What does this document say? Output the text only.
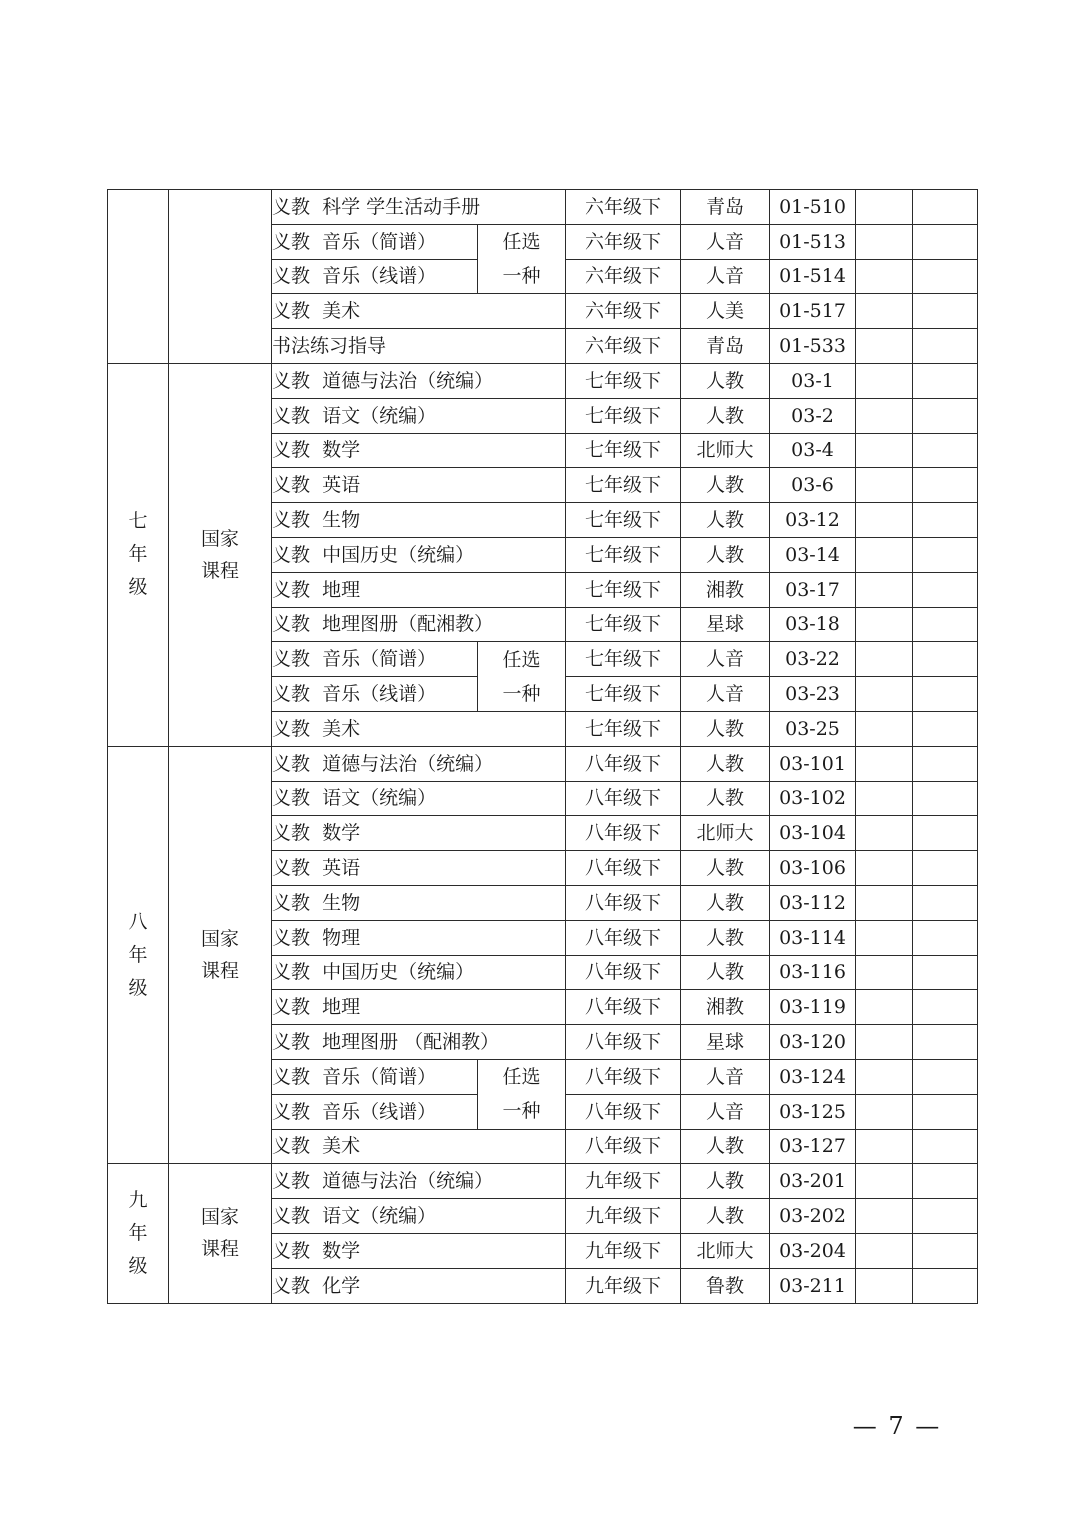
		义教  科学 学生活动手册		六年级下	青岛	01-510		
		义教  音乐（简谱）	任选一种	六年级下	人音	01-513		
		义教  音乐（线谱）		六年级下	人音	01-514		
		义教  美术		六年级下	人美	01-517		
		书法练习指导		六年级下	青岛	01-533		
七年级	国家课程	义教  道德与法治（统编）		七年级下	人教	03-1		
		义教  语文（统编）		七年级下	人教	03-2		
		义教  数学		七年级下	北师大	03-4		
		义教  英语		七年级下	人教	03-6		
		义教  生物		七年级下	人教	03-12		
		义教  中国历史（统编）		七年级下	人教	03-14		
		义教  地理		七年级下	湘教	03-17		
		义教  地理图册（配湘教）		七年级下	星球	03-18		
		义教  音乐（简谱）	任选一种	七年级下	人音	03-22		
		义教  音乐（线谱）		七年级下	人音	03-23		
		义教  美术		七年级下	人教	03-25		
八年级	国家课程	义教  道德与法治（统编）		八年级下	人教	03-101		
		义教  语文（统编）		八年级下	人教	03-102		
		义教  数学		八年级下	北师大	03-104		
		义教  英语		八年级下	人教	03-106		
		义教  生物		八年级下	人教	03-112		
		义教  物理		八年级下	人教	03-114		
		义教  中国历史（统编）		八年级下	人教	03-116		
		义教  地理		八年级下	湘教	03-119		
		义教  地理图册 （配湘教）		八年级下	星球	03-120		
		义教  音乐（简谱）	任选一种	八年级下	人音	03-124		
		义教  音乐（线谱）		八年级下	人音	03-125		
		义教  美术		八年级下	人教	03-127		
九年级	国家课程	义教  道德与法治（统编）		九年级下	人教	03-201		
		义教  语文（统编）		九年级下	人教	03-202		
		义教  数学		九年级下	北师大	03-204		
		义教  化学		九年级下	鲁教	03-211		
— 7 —
